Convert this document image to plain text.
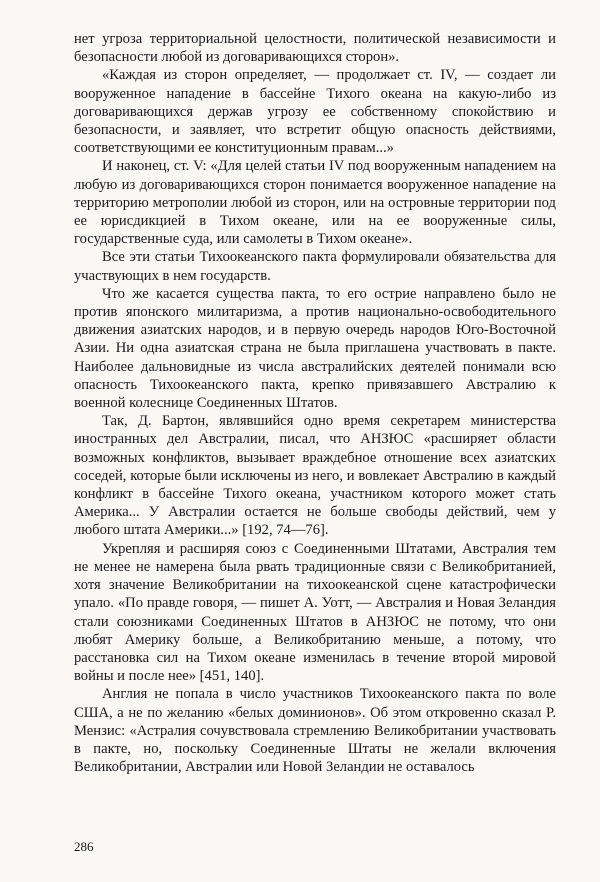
нет угроза территориальной целостности, политической независимости и безопасности любой из договаривающихся сторон».

«Каждая из сторон определяет, — продолжает ст. IV, — создает ли вооруженное нападение в бассейне Тихого океана на какую-либо из договаривающихся держав угрозу ее собственному спокойствию и безопасности, и заявляет, что встретит общую опасность действиями, соответствующими ее конституционным правам...»

И наконец, ст. V: «Для целей статьи IV под вооруженным нападением на любую из договаривающихся сторон понимается вооруженное нападение на территорию метрополии любой из сторон, или на островные территории под ее юрисдикцией в Тихом океане, или на ее вооруженные силы, государственные суда, или самолеты в Тихом океане».

Все эти статьи Тихоокеанского пакта формулировали обязательства для участвующих в нем государств.

Что же касается существа пакта, то его острие направлено было не против японского милитаризма, а против национально-освободительного движения азиатских народов, и в первую очередь народов Юго-Восточной Азии. Ни одна азиатская страна не была приглашена участвовать в пакте. Наиболее дальновидные из числа австралийских деятелей понимали всю опасность Тихоокеанского пакта, крепко привязавшего Австралию к военной колеснице Соединенных Штатов.

Так, Д. Бартон, являвшийся одно время секретарем министерства иностранных дел Австралии, писал, что АНЗЮС «расширяет области возможных конфликтов, вызывает враждебное отношение всех азиатских соседей, которые были исключены из него, и вовлекает Австралию в каждый конфликт в бассейне Тихого океана, участником которого может стать Америка... У Австралии остается не больше свободы действий, чем у любого штата Америки...» [192, 74—76].

Укрепляя и расширяя союз с Соединенными Штатами, Австралия тем не менее не намерена была рвать традиционные связи с Великобританией, хотя значение Великобритании на тихоокеанской сцене катастрофически упало. «По правде говоря, — пишет А. Уотт, — Австралия и Новая Зеландия стали союзниками Соединенных Штатов в АНЗЮС не потому, что они любят Америку больше, а Великобританию меньше, а потому, что расстановка сил на Тихом океане изменилась в течение второй мировой войны и после нее» [451, 140].

Англия не попала в число участников Тихоокеанского пакта по воле США, а не по желанию «белых доминионов». Об этом откровенно сказал Р. Мензис: «Астралия сочувствовала стремлению Великобритании участвовать в пакте, но, поскольку Соединенные Штаты не желали включения Великобритании, Австралии или Новой Зеландии не оставалось

286
